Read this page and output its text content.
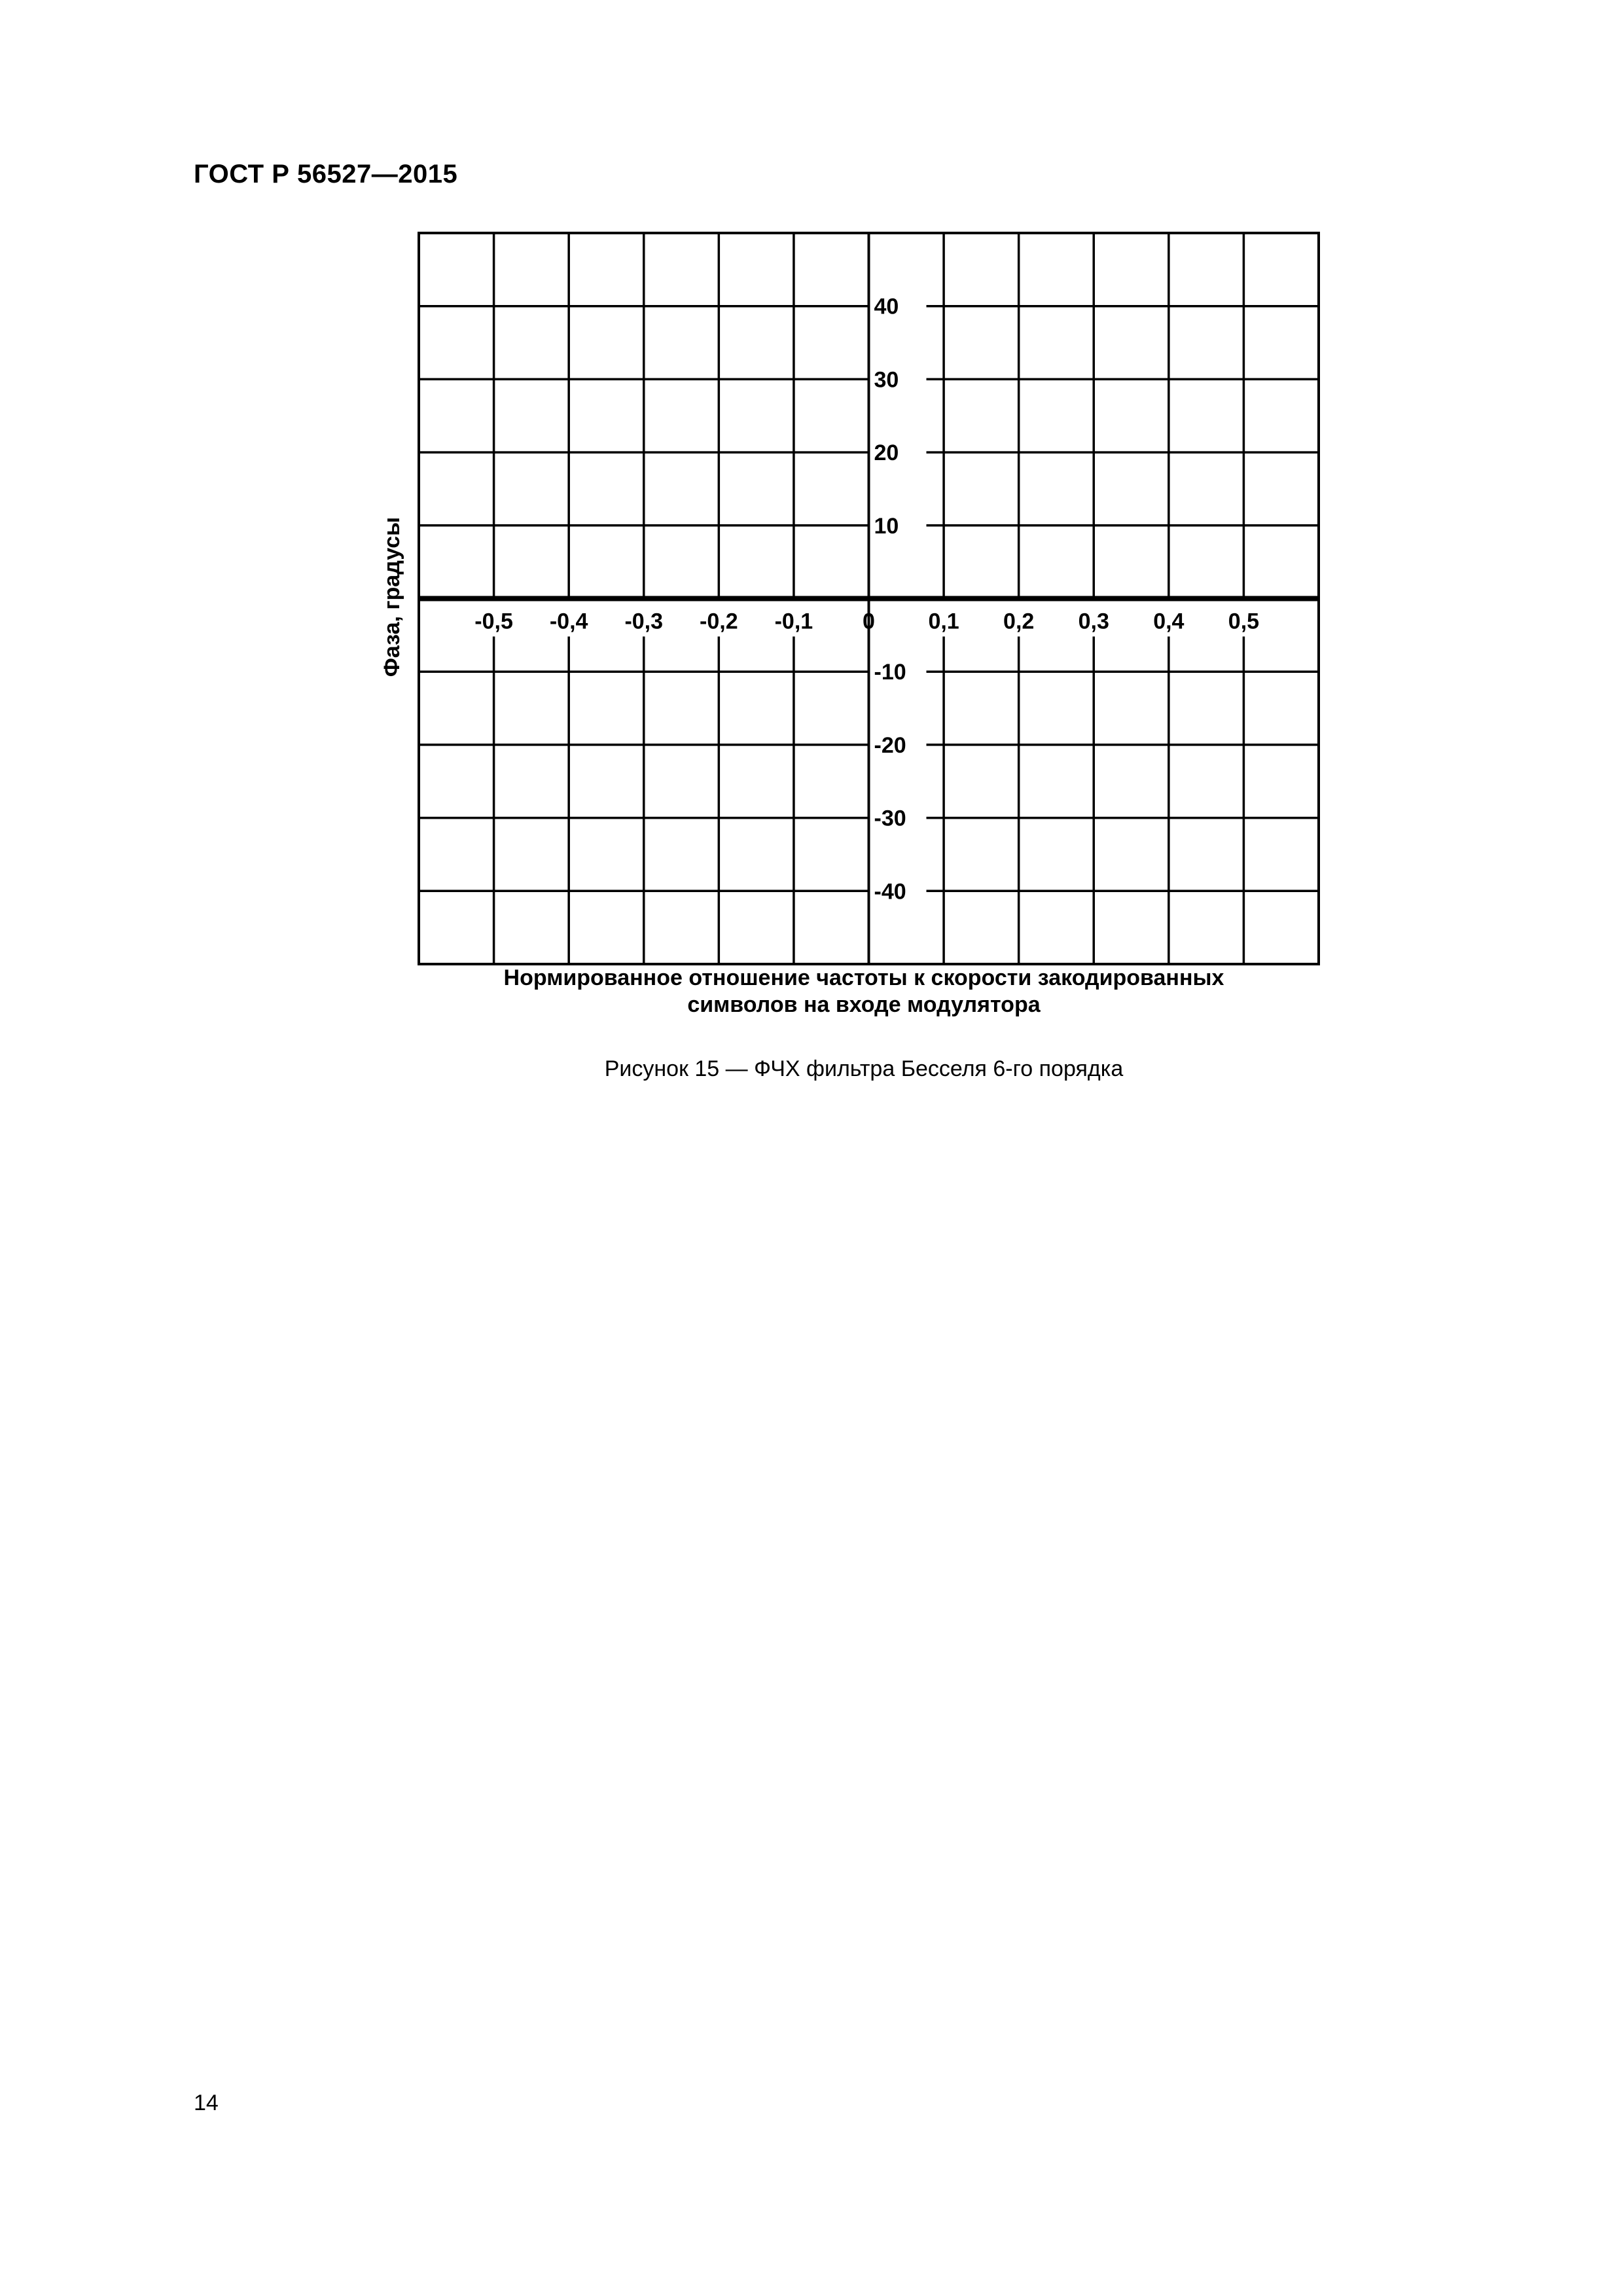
ГОСТ Р 56527—2015
-0,5 -0,4 -0,3 -0,2 -0,1 0 0,1 0,2 0,3 0,4 0,5
40
30
20
10
-10
-20
-30
-40
Фаза, градусы
Нормированное отношение частоты к скорости закодированных
символов на входе модулятора
Рисунок 15 — ФЧХ фильтра Бесселя 6-го порядка
14
